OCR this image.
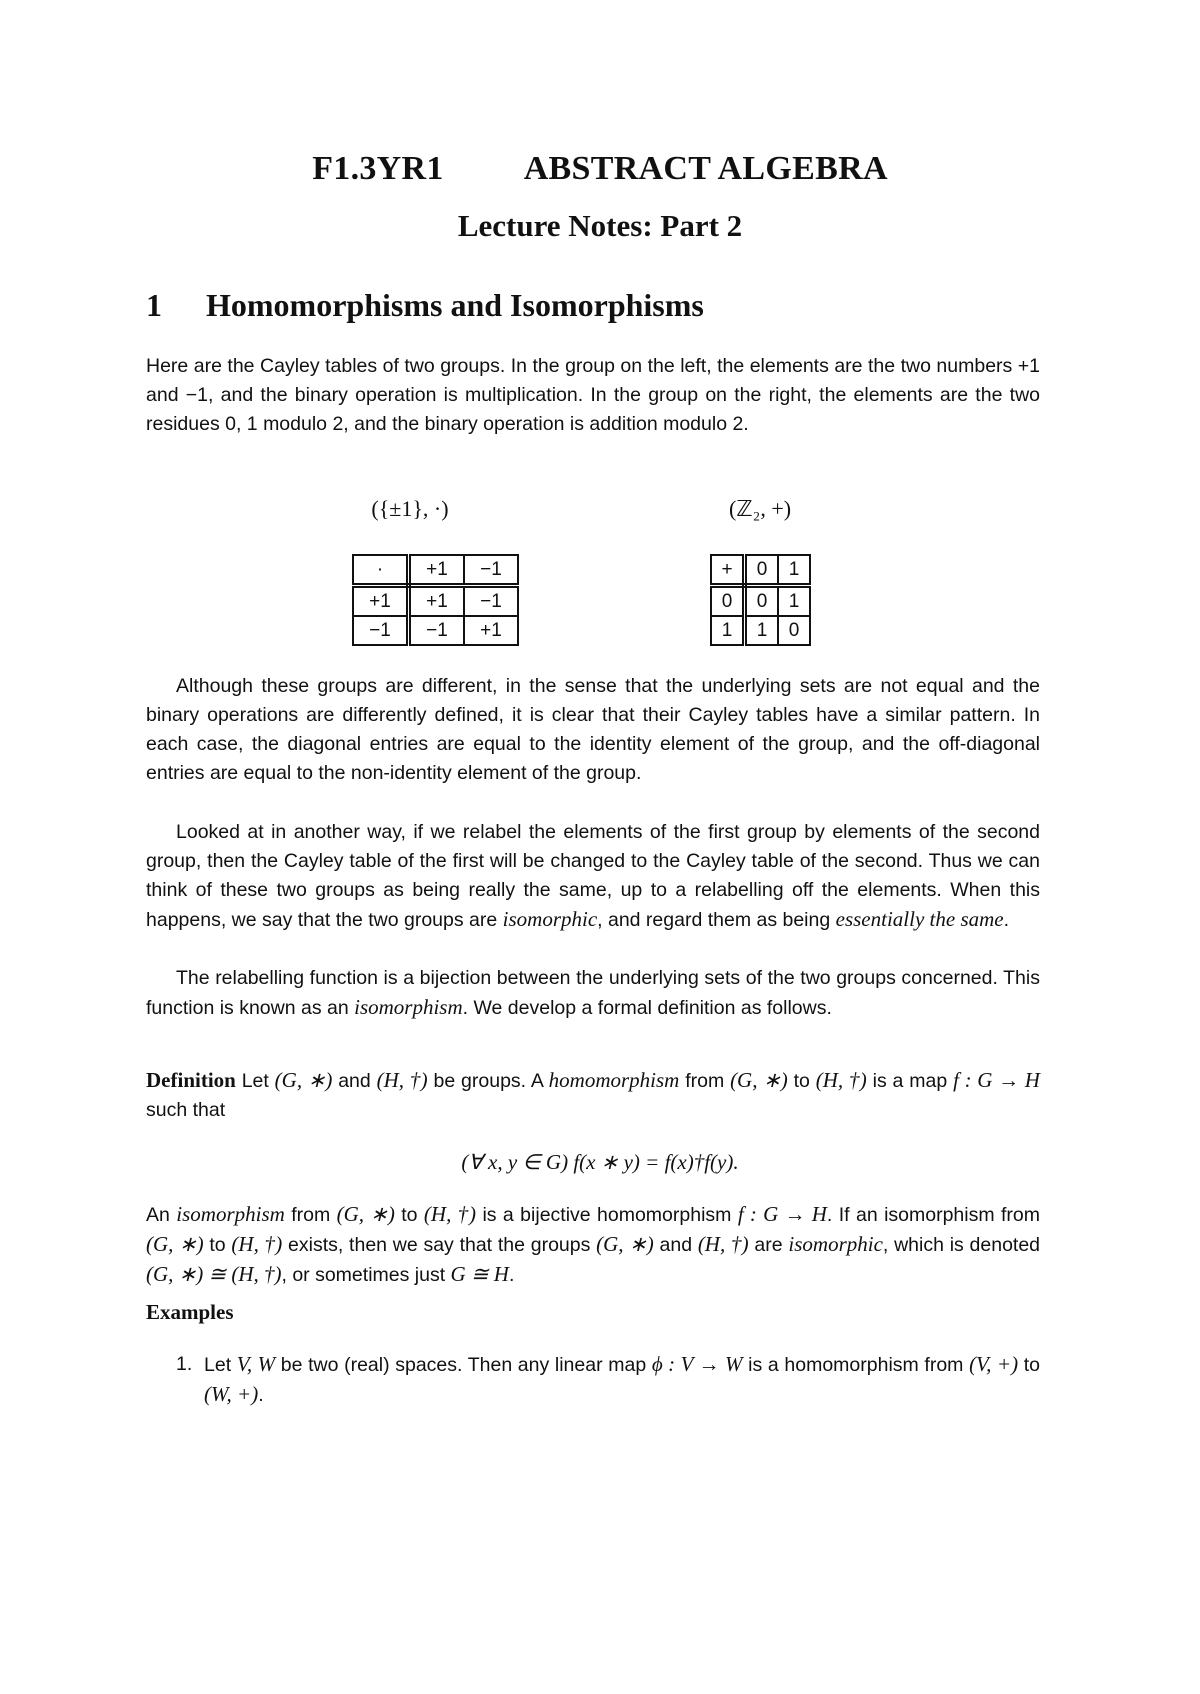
F1.3YR1 ABSTRACT ALGEBRA
Lecture Notes: Part 2
1 Homomorphisms and Isomorphisms

Here are the Cayley tables of two groups. In the group on the left, the elements are the two numbers +1 and −1, and the binary operation is multiplication. In the group on the right, the elements are the two residues 0, 1 modulo 2, and the binary operation is addition modulo 2.

({±1}, ·)
·	+1	−1
+1	+1	−1
−1	−1	+1
(ℤ₂, +)
+	0	1
0	0	1
1	1	0

Although these groups are different, in the sense that the underlying sets are not equal and the binary operations are differently defined, it is clear that their Cayley tables have a similar pattern. In each case, the diagonal entries are equal to the identity element of the group, and the off-diagonal entries are equal to the non-identity element of the group.

Looked at in another way, if we relabel the elements of the first group by elements of the second group, then the Cayley table of the first will be changed to the Cayley table of the second. Thus we can think of these two groups as being really the same, up to a relabelling off the elements. When this happens, we say that the two groups are isomorphic, and regard them as being essentially the same.

The relabelling function is a bijection between the underlying sets of the two groups concerned. This function is known as an isomorphism. We develop a formal definition as follows.

Definition Let (G, ∗) and (H, †) be groups. A homomorphism from (G, ∗) to (H, †) is a map f : G → H such that

(∀ x, y ∈ G) f(x ∗ y) = f(x)†f(y).

An isomorphism from (G, ∗) to (H, †) is a bijective homomorphism f : G → H. If an isomorphism from (G, ∗) to (H, †) exists, then we say that the groups (G, ∗) and (H, †) are isomorphic, which is denoted (G, ∗) ≅ (H, †), or sometimes just G ≅ H.

Examples
1. Let V, W be two (real) spaces. Then any linear map ϕ : V → W is a homomorphism from (V, +) to (W, +).
